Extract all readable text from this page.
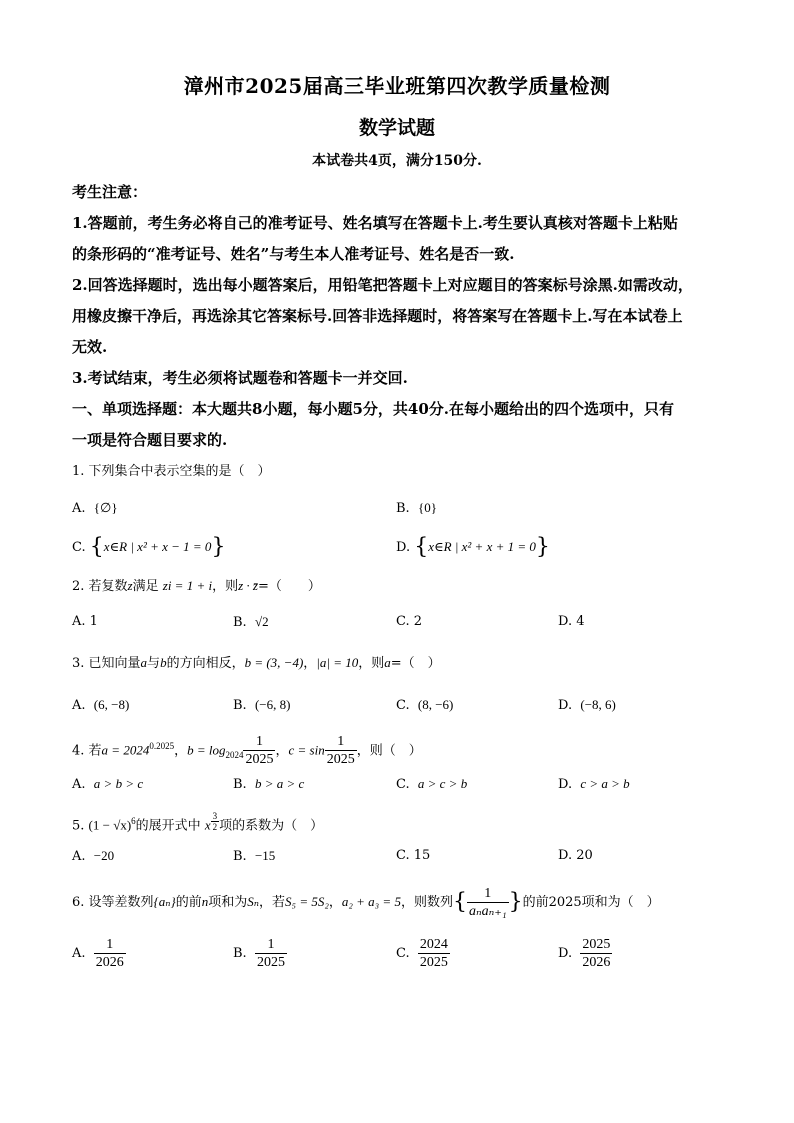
漳州市2025届高三毕业班第四次教学质量检测
数学试题
本试卷共4页，满分150分.
考生注意：
1.答题前，考生务必将自己的准考证号、姓名填写在答题卡上.考生要认真核对答题卡上粘贴
的条形码的“准考证号、姓名”与考生本人准考证号、姓名是否一致.
2.回答选择题时，选出每小题答案后，用铅笔把答题卡上对应题目的答案标号涂黑.如需改动，
用橡皮擦干净后，再选涂其它答案标号.回答非选择题时，将答案写在答题卡上.写在本试卷上
无效.
3.考试结束，考生必须将试题卷和答题卡一并交回.
一、单项选择题：本大题共8小题，每小题5分，共40分.在每小题给出的四个选项中，只有
一项是符合题目要求的.
1. 下列集合中表示空集的是（　）
A. {∅}	B. {0}
C. {x∈R | x² + x − 1 = 0}	D. {x∈R | x² + x + 1 = 0}
2. 若复数z满足 zi = 1 + i，则z · z̄=（　　）
A. 1	B. √2	C. 2	D. 4
3. 已知向量a与b的方向相反，b = (3, −4)，|a| = 10，则a=（　）
A. (6, −8)	B. (−6, 8)	C. (8, −6)	D. (−8, 6)
4. 若$a = 2024^{0.2025}$，$b = \log_{2024} \frac{1}{2025}$ ，$c = \sin \frac{1}{2025}$ ，则（　）
A. a > b > c	B. b > a > c	C. a > c > b	D. c > a > b
5. $(1 - √x)^6$的展开式中 x $^{\frac{3}{2}}$ 项的系数为（　）
A. −20	B. −15	C. 15	D. 20
6. 设等差数列{aₙ}的前n项和为Sₙ，若S₅ = 5S₂，a₂ + a₃ = 5，则数列{ $\frac{1}{\text{aₙaₙ₊₁}}$ }的前2025项和为（　）
A. $\frac{1}{2026}$	B. $\frac{1}{2025}$	C. $\frac{2024}{2025}$	D. $\frac{2025}{2026}$
